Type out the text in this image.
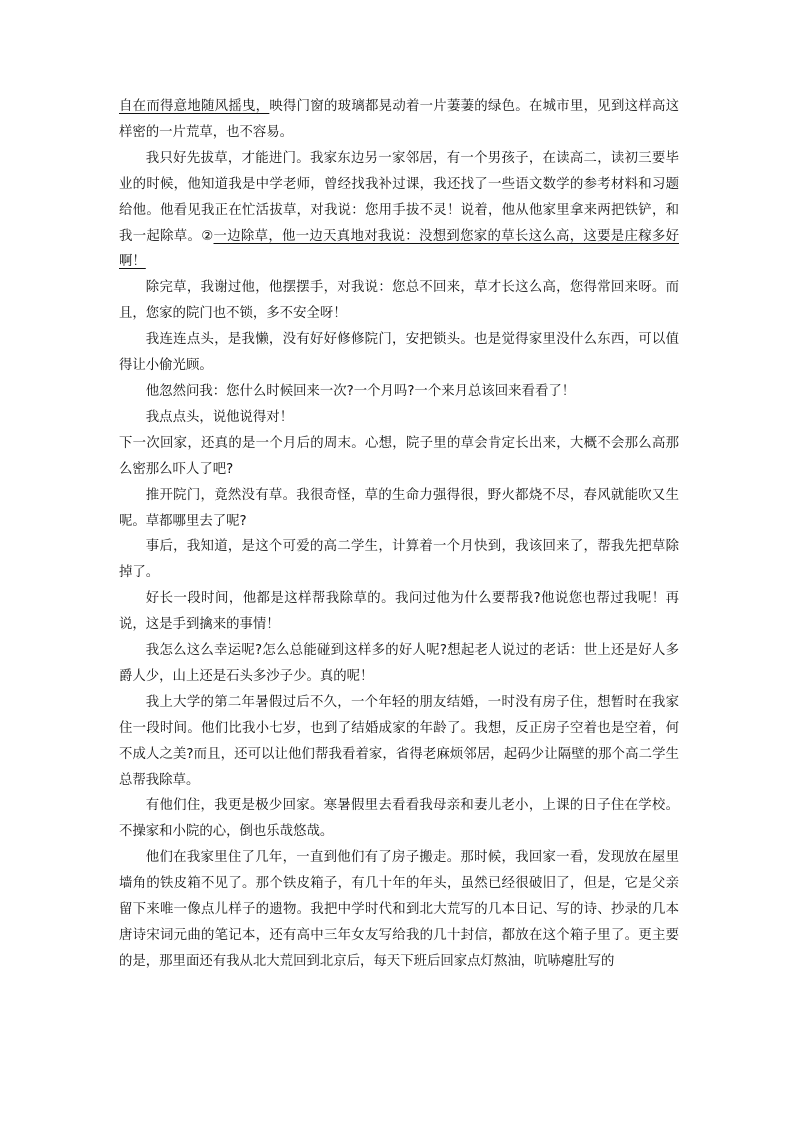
自在而得意地随风摇曳，映得门窗的玻璃都晃动着一片萋萋的绿色。在城市里，见到这样高这样密的一片荒草，也不容易。

我只好先拔草，才能进门。我家东边另一家邻居，有一个男孩子，在读高二，读初三要毕业的时候，他知道我是中学老师，曾经找我补过课，我还找了一些语文数学的参考材料和习题给他。他看见我正在忙活拔草，对我说：您用手拔不灵！说着，他从他家里拿来两把铁铲，和我一起除草。②一边除草，他一边天真地对我说：没想到您家的草长这么高，这要是庄稼多好啊！

除完草，我谢过他，他摆摆手，对我说：您总不回来，草才长这么高，您得常回来呀。而且，您家的院门也不锁，多不安全呀！

我连连点头，是我懒，没有好好修修院门，安把锁头。也是觉得家里没什么东西，可以值得让小偷光顾。

他忽然问我：您什么时候回来一次?一个月吗?一个来月总该回来看看了！

我点点头，说他说得对！

下一次回家，还真的是一个月后的周末。心想，院子里的草会肯定长出来，大概不会那么高那么密那么吓人了吧?

推开院门，竟然没有草。我很奇怪，草的生命力强得很，野火都烧不尽，春风就能吹又生呢。草都哪里去了呢?

事后，我知道，是这个可爱的高二学生，计算着一个月快到，我该回来了，帮我先把草除掉了。

好长一段时间，他都是这样帮我除草的。我问过他为什么要帮我?他说您也帮过我呢！再说，这是手到擒来的事情！

我怎么这么幸运呢?怎么总能碰到这样多的好人呢?想起老人说过的老话：世上还是好人多爵人少，山上还是石头多沙子少。真的呢！

我上大学的第二年暑假过后不久，一个年轻的朋友结婚，一时没有房子住，想暂时在我家住一段时间。他们比我小七岁，也到了结婚成家的年龄了。我想，反正房子空着也是空着，何不成人之美?而且，还可以让他们帮我看着家，省得老麻烦邻居，起码少让隔壁的那个高二学生总帮我除草。

有他们住，我更是极少回家。寒暑假里去看看我母亲和妻儿老小，上课的日子住在学校。不操家和小院的心，倒也乐哉悠哉。

他们在我家里住了几年，一直到他们有了房子搬走。那时候，我回家一看，发现放在屋里墙角的铁皮箱不见了。那个铁皮箱子，有几十年的年头，虽然已经很破旧了，但是，它是父亲留下来唯一像点儿样子的遗物。我把中学时代和到北大荒写的几本日记、写的诗、抄录的几本唐诗宋词元曲的笔记本，还有高中三年女友写给我的几十封信，都放在这个箱子里了。更主要的是，那里面还有我从北大荒回到北京后，每天下班后回家点灯熬油，吭哧瘪肚写的
